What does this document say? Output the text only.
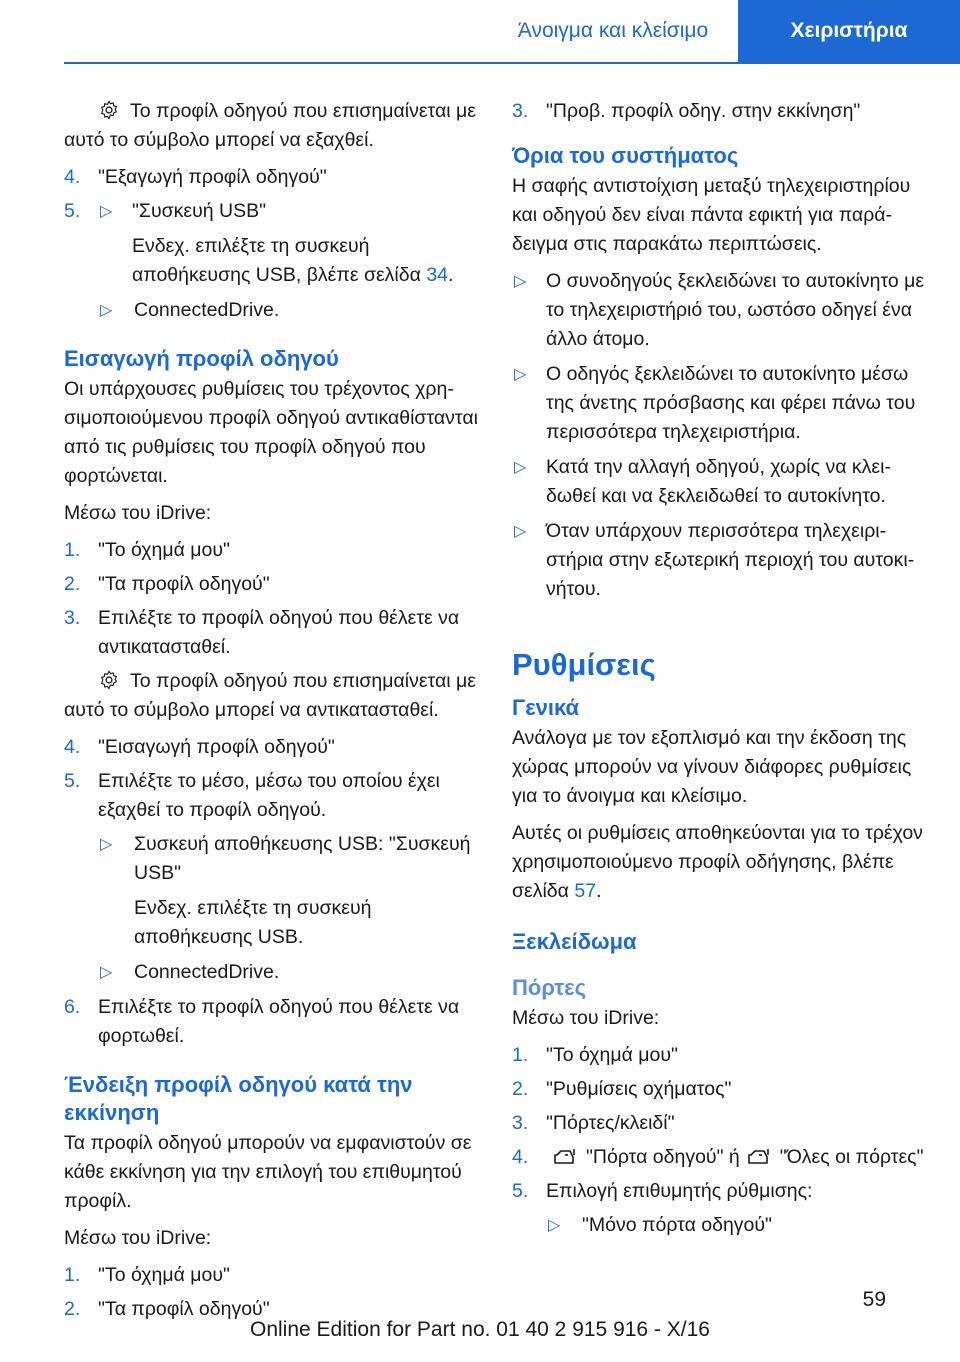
Άνοιγμα και κλείσιμο	Χειριστήρια
Το προφίλ οδηγού που επισημαίνεται με αυτό το σύμβολο μπορεί να εξαχθεί.
4. "Εξαγωγή προφίλ οδηγού"
5. ▷ "Συσκευή USB"
Ενδεχ. επιλέξτε τη συσκευή αποθήκευσης USB, βλέπε σελίδα 34.
▷ ConnectedDrive.
Εισαγωγή προφίλ οδηγού

Οι υπάρχουσες ρυθμίσεις του τρέχοντος χρησιμοποιούμενου προφίλ οδηγού αντικαθίστανται από τις ρυθμίσεις του προφίλ οδηγού που φορτώνεται.

Μέσω του iDrive:

1. "Το όχημά μου"
2. "Τα προφίλ οδηγού"
3. Επιλέξτε το προφίλ οδηγού που θέλετε να αντικατασταθεί.
Το προφίλ οδηγού που επισημαίνεται με αυτό το σύμβολο μπορεί να αντικατασταθεί.
4. "Εισαγωγή προφίλ οδηγού"
5. Επιλέξτε το μέσο, μέσω του οποίου έχει εξαχθεί το προφίλ οδηγού.
▷ Συσκευή αποθήκευσης USB: "Συσκευή USB"
Ενδεχ. επιλέξτε τη συσκευή αποθήκευσης USB.
▷ ConnectedDrive.
6. Επιλέξτε το προφίλ οδηγού που θέλετε να φορτωθεί.
Ένδειξη προφίλ οδηγού κατά την εκκίνηση

Τα προφίλ οδηγού μπορούν να εμφανιστούν σε κάθε εκκίνηση για την επιλογή του επιθυμητού προφίλ.

Μέσω του iDrive:

1. "Το όχημά μου"
2. "Τα προφίλ οδηγού"
3. "Προβ. προφίλ οδηγ. στην εκκίνηση"
Όρια του συστήματος

Η σαφής αντιστοίχιση μεταξύ τηλεχειριστηρίου και οδηγού δεν είναι πάντα εφικτή για παράδειγμα στις παρακάτω περιπτώσεις.

▷ Ο συνοδηγούς ξεκλειδώνει το αυτοκίνητο με το τηλεχειριστήριό του, ωστόσο οδηγεί ένα άλλο άτομο.
▷ Ο οδηγός ξεκλειδώνει το αυτοκίνητο μέσω της άνετης πρόσβασης και φέρει πάνω του περισσότερα τηλεχειριστήρια.
▷ Κατά την αλλαγή οδηγού, χωρίς να κλειδωθεί και να ξεκλειδωθεί το αυτοκίνητο.
▷ Όταν υπάρχουν περισσότερα τηλεχειριστήρια στην εξωτερική περιοχή του αυτοκινήτου.
Ρυθμίσεις
Γενικά

Ανάλογα με τον εξοπλισμό και την έκδοση της χώρας μπορούν να γίνουν διάφορες ρυθμίσεις για το άνοιγμα και κλείσιμο.

Αυτές οι ρυθμίσεις αποθηκεύονται για το τρέχον χρησιμοποιούμενο προφίλ οδήγησης, βλέπε σελίδα 57.

Ξεκλείδωμα
Πόρτες

Μέσω του iDrive:

1. "Το όχημά μου"
2. "Ρυθμίσεις οχήματος"
3. "Πόρτες/κλειδί"
4.	"Πόρτα οδηγού" ή "Όλες οι πόρτες"
5. Επιλογή επιθυμητής ρύθμισης:
▷ "Μόνο πόρτα οδηγού"
59
Online Edition for Part no. 01 40 2 915 916 - X/16
